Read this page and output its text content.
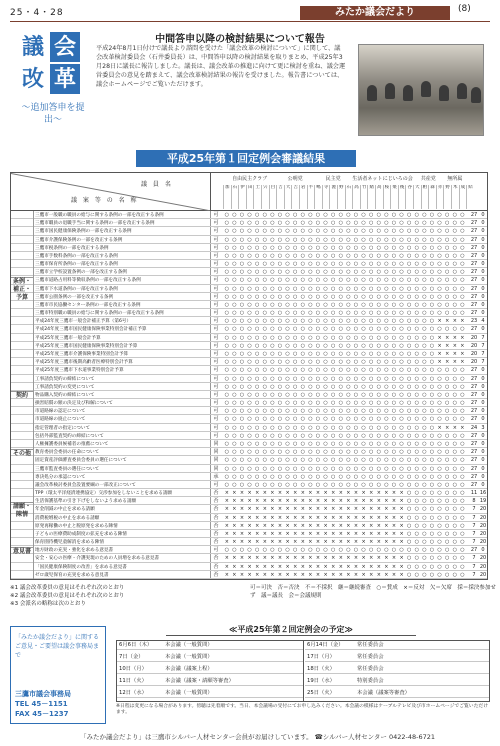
25・4・28	みたか議会だより	(8)
議 会
改 革
～追加答申を提出～
中間答申以降の検討結果について報告
平成24年8月1日付けで議長より諮問を受けた「議会改革の検討について」に関して、議会改革検討委員会（石井委員長）は、中間答申以降の検討結果を取りまとめ、平成25年3月28日に議長に報告しました。議長は、議会改革の推進に向けて更に検討を重ね、議会運営委員会の意見を踏まえて、議会改革検討結果の報告を受けました。報告書については、議会ホームページでご覧いただけます。
平成25年第１回定例会審議結果
議 案 等 の 名 称
議 員 名
自由民主クラブ	公明党	民主党	生活者ネット にじいろの会	共産党	無所属
加 石 伊 田 土 宍 白 吉 大 吉 岩 半 嶋 寺 渥 野 石 高 竹 緒 高 桜 栗 後 谷 大 粕 森 赤 野 木 成 結
三鷹市一般職の職員の給与に関する条例の一部を改正する条例	可	○ ○ ○ ○ ○ ○ ○ ○ ○ ○ ○ ○ ○ ○ ○ ○ ○ ○ ○ ○ ○ ○ ○ ○ ○ ○ ○ ○ ○ ○ ○ ○	27 0
三鷹市職員の退職手当に関する条例の一部を改正する条例	可	○ ○ ○ ○ ○ ○ ○ ○ ○ ○ ○ ○ ○ ○ ○ ○ ○ ○ ○ ○ ○ ○ ○ ○ ○ ○ ○ ○ ○ ○ ○ ○	27 0
三鷹市国民健康保険条例の一部を改正する条例	可	○ ○ ○ ○ ○ ○ ○ ○ ○ ○ ○ ○ ○ ○ ○ ○ ○ ○ ○ ○ ○ ○ ○ ○ ○ ○ ○ ○ ○ ○ ○ ○	27 0
三鷹市介護保険条例の一部を改正する条例	可	○ ○ ○ ○ ○ ○ ○ ○ ○ ○ ○ ○ ○ ○ ○ ○ ○ ○ ○ ○ ○ ○ ○ ○ ○ ○ ○ ○ ○ ○ ○ ○	27 0
三鷹市税条例の一部を改正する条例	可	○ ○ ○ ○ ○ ○ ○ ○ ○ ○ ○ ○ ○ ○ ○ ○ ○ ○ ○ ○ ○ ○ ○ ○ ○ ○ ○ ○ ○ ○ ○ ○	27 0
三鷹市手数料条例の一部を改正する条例	可	○ ○ ○ ○ ○ ○ ○ ○ ○ ○ ○ ○ ○ ○ ○ ○ ○ ○ ○ ○ ○ ○ ○ ○ ○ ○ ○ ○ ○ ○ ○ ○	27 0
三鷹市保育所条例の一部を改正する条例	可	○ ○ ○ ○ ○ ○ ○ ○ ○ ○ ○ ○ ○ ○ ○ ○ ○ ○ ○ ○ ○ ○ ○ ○ ○ ○ ○ ○ ○ ○ ○ ○	27 0
三鷹市立学校設置条例の一部を改正する条例	可	○ ○ ○ ○ ○ ○ ○ ○ ○ ○ ○ ○ ○ ○ ○ ○ ○ ○ ○ ○ ○ ○ ○ ○ ○ ○ ○ ○ ○ ○ ○ ○	27 0
三鷹市道路占用料等徴収条例の一部を改正する条例	可	○ ○ ○ ○ ○ ○ ○ ○ ○ ○ ○ ○ ○ ○ ○ ○ ○ ○ ○ ○ ○ ○ ○ ○ ○ ○ ○ ○ ○ ○ ○ ○	27 0
三鷹市下水道条例の一部を改正する条例	可	○ ○ ○ ○ ○ ○ ○ ○ ○ ○ ○ ○ ○ ○ ○ ○ ○ ○ ○ ○ ○ ○ ○ ○ ○ ○ ○ ○ ○ ○ ○ ○	27 0
三鷹市公園条例の一部を改正する条例	可	○ ○ ○ ○ ○ ○ ○ ○ ○ ○ ○ ○ ○ ○ ○ ○ ○ ○ ○ ○ ○ ○ ○ ○ ○ ○ ○ ○ ○ ○ ○ ○	27 0
三鷹市市民協働センター条例の一部を改正する条例	可	○ ○ ○ ○ ○ ○ ○ ○ ○ ○ ○ ○ ○ ○ ○ ○ ○ ○ ○ ○ ○ ○ ○ ○ ○ ○ ○ ○ ○ ○ ○ ○	27 0
三鷹市特別職の職員の給与に関する条例の一部を改正する条例	可	○ ○ ○ ○ ○ ○ ○ ○ ○ ○ ○ ○ ○ ○ ○ ○ ○ ○ ○ ○ ○ ○ ○ ○ ○ ○ ○ ○ ○ ○ ○ ○	27 0
平成24年度三鷹市一般会計補正予算（第6号）	可	○ ○ ○ ○ ○ ○ ○ ○ ○ ○ ○ ○ ○ ○ ○ ○ ○ ○ ○ ○ ○ ○ ○ ○ ○ ○ ○ ○ × × × ×	23 4
平成24年度三鷹市国民健康保険事業特別会計補正予算	可	○ ○ ○ ○ ○ ○ ○ ○ ○ ○ ○ ○ ○ ○ ○ ○ ○ ○ ○ ○ ○ ○ ○ ○ ○ ○ ○ ○ ○ ○ ○ ○	27 0
平成25年度三鷹市一般会計予算	可	○ ○ ○ ○ ○ ○ ○ ○ ○ ○ ○ ○ ○ ○ ○ ○ ○ ○ ○ ○ ○ ○ ○ ○ ○ ○ ○ ○ × × × ×	20 7
平成25年度三鷹市国民健康保険事業特別会計予算	可	○ ○ ○ ○ ○ ○ ○ ○ ○ ○ ○ ○ ○ ○ ○ ○ ○ ○ ○ ○ ○ ○ ○ ○ ○ ○ ○ ○ × × × ×	20 7
平成25年度三鷹市介護保険事業特別会計予算	可	○ ○ ○ ○ ○ ○ ○ ○ ○ ○ ○ ○ ○ ○ ○ ○ ○ ○ ○ ○ ○ ○ ○ ○ ○ ○ ○ ○ × × × ×	20 7
平成25年度三鷹市後期高齢者医療特別会計予算	可	○ ○ ○ ○ ○ ○ ○ ○ ○ ○ ○ ○ ○ ○ ○ ○ ○ ○ ○ ○ ○ ○ ○ ○ ○ ○ ○ ○ × × × ×	20 7
平成25年度三鷹市下水道事業特別会計予算	可	○ ○ ○ ○ ○ ○ ○ ○ ○ ○ ○ ○ ○ ○ ○ ○ ○ ○ ○ ○ ○ ○ ○ ○ ○ ○ ○ ○ ○ ○ ○ ○	27 0
工事請負契約の締結について	可	○ ○ ○ ○ ○ ○ ○ ○ ○ ○ ○ ○ ○ ○ ○ ○ ○ ○ ○ ○ ○ ○ ○ ○ ○ ○ ○ ○ ○ ○ ○ ○	27 0
工事請負契約の変更について	可	○ ○ ○ ○ ○ ○ ○ ○ ○ ○ ○ ○ ○ ○ ○ ○ ○ ○ ○ ○ ○ ○ ○ ○ ○ ○ ○ ○ ○ ○ ○ ○	27 0
物品購入契約の締結について	可	○ ○ ○ ○ ○ ○ ○ ○ ○ ○ ○ ○ ○ ○ ○ ○ ○ ○ ○ ○ ○ ○ ○ ○ ○ ○ ○ ○ ○ ○ ○ ○	27 0
損害賠償の額の決定及び和解について	可	○ ○ ○ ○ ○ ○ ○ ○ ○ ○ ○ ○ ○ ○ ○ ○ ○ ○ ○ ○ ○ ○ ○ ○ ○ ○ ○ ○ ○ ○ ○ ○	27 0
市道路線の認定について	可	○ ○ ○ ○ ○ ○ ○ ○ ○ ○ ○ ○ ○ ○ ○ ○ ○ ○ ○ ○ ○ ○ ○ ○ ○ ○ ○ ○ ○ ○ ○ ○	27 0
市道路線の廃止について	可	○ ○ ○ ○ ○ ○ ○ ○ ○ ○ ○ ○ ○ ○ ○ ○ ○ ○ ○ ○ ○ ○ ○ ○ ○ ○ ○ ○ ○ ○ ○ ○	27 0
指定管理者の指定について	可	○ ○ ○ ○ ○ ○ ○ ○ ○ ○ ○ ○ ○ ○ ○ ○ ○ ○ ○ ○ ○ ○ ○ ○ ○ ○ ○ ○ × × × ×	24 3
包括外部監査契約の締結について	可	○ ○ ○ ○ ○ ○ ○ ○ ○ ○ ○ ○ ○ ○ ○ ○ ○ ○ ○ ○ ○ ○ ○ ○ ○ ○ ○ ○ ○ ○ ○ ○	27 0
人権擁護委員候補者の推薦について	同	○ ○ ○ ○ ○ ○ ○ ○ ○ ○ ○ ○ ○ ○ ○ ○ ○ ○ ○ ○ ○ ○ ○ ○ ○ ○ ○ ○ ○ ○ ○ ○	27 0
教育委員会委員の任命について	同	○ ○ ○ ○ ○ ○ ○ ○ ○ ○ ○ ○ ○ ○ ○ ○ ○ ○ ○ ○ ○ ○ ○ ○ ○ ○ ○ ○ ○ ○ ○ ○	27 0
固定資産評価審査委員会委員の選任について	同	○ ○ ○ ○ ○ ○ ○ ○ ○ ○ ○ ○ ○ ○ ○ ○ ○ ○ ○ ○ ○ ○ ○ ○ ○ ○ ○ ○ ○ ○ ○ ○	27 0
三鷹市監査委員の選任について	同	○ ○ ○ ○ ○ ○ ○ ○ ○ ○ ○ ○ ○ ○ ○ ○ ○ ○ ○ ○ ○ ○ ○ ○ ○ ○ ○ ○ ○ ○ ○ ○	27 0
専決処分の承認について	承	○ ○ ○ ○ ○ ○ ○ ○ ○ ○ ○ ○ ○ ○ ○ ○ ○ ○ ○ ○ ○ ○ ○ ○ ○ ○ ○ ○ ○ ○ ○ ○	27 0
議会改革検討委員会設置要綱の一部改正について	可	○ ○ ○ ○ ○ ○ ○ ○ ○ ○ ○ ○ ○ ○ ○ ○ ○ ○ ○ ○ ○ ○ ○ ○ ○ ○ ○ ○ ○ ○ ○ ○	27 0
TPP（環太平洋経済連携協定）交渉参加をしないことを求める請願	否	× × × × × × × × × × × × × × × × × × × × × × × × ○ ○ ○ ○ ○ ○ ○ ○	11 16
生活保護基準の引き下げをしないよう求める請願	否	× × × × × × × × × × × × × × × × × × × × × × × × ○ ○ ○ ○ ○ ○ ○ ○	8 19
年金削減の中止を求める請願	否	× × × × × × × × × × × × × × × × × × × × × × × × ○ ○ ○ ○ ○ ○ ○ ○	7 20
消費税増税の中止を求める請願	否	× × × × × × × × × × × × × × × × × × × × × × × × ○ ○ ○ ○ ○ ○ ○ ○	7 20
原発再稼働の中止と脱原発を求める陳情	否	× × × × × × × × × × × × × × × × × × × × × × × × ○ ○ ○ ○ ○ ○ ○ ○	7 20
子どもの医療費助成制度の拡充を求める陳情	否	× × × × × × × × × × × × × × × × × × × × × × × × ○ ○ ○ ○ ○ ○ ○ ○	7 20
保育園待機児童解消を求める陳情	否	× × × × × × × × × × × × × × × × × × × × × × × × ○ ○ ○ ○ ○ ○ ○ ○	7 20
地方財政の充実・強化を求める意見書	可	○ ○ ○ ○ ○ ○ ○ ○ ○ ○ ○ ○ ○ ○ ○ ○ ○ ○ ○ ○ ○ ○ ○ ○ ○ ○ ○ ○ ○ ○ ○ ○	27 0
安全・安心の医療・介護実現のための人員増を求める意見書	否	× × × × × × × × × × × × × × × × × × × × × × × × ○ ○ ○ ○ ○ ○ ○ ○	7 20
「国民健康保険制度の改善」を求める意見書	否	× × × × × × × × × × × × × × × × × × × × × × × × ○ ○ ○ ○ ○ ○ ○ ○	7 20
ゼロ歳児保育の充実を求める意見書	否	× × × × × × × × × × × × × × × × × × × × × × × × ○ ○ ○ ○ ○ ○ ○ ○	7 20
条例・補正・予算
契約
その他
請願・陳情
意見書
※1 議会改革委員の意見はそれぞれ次のとおり
※2 議会改革委員の意見はそれぞれ次のとおり
※3 会派名の略称は次のとおり
可＝可決　否＝否決　不＝不採択　継＝継続審査　○＝賛成　×＝反対　欠＝欠席　採＝採決参加せず　議＝議長　会＝会議規則
「みたか議会だより」に関するご意見・ご要望は議会事務局まで
三鷹市議会事務局
TEL 45－1151
FAX 45－1237
≪平成25年第２回定例会の予定≫
6月6日（木）	本会議（一般質問）
7日（金）	本会議（一般質問）
10日（月）	本会議（議案上程）
11日（火）	本会議（議案・請願等審査）
12日（水）	本会議（一般質問）
6月14日（金）	常任委員会
17日（月）	常任委員会
18日（火）	常任委員会
19日（水）	特別委員会
25日（火）	本会議（議案等審査）
※日程は変更になる場合があります。傍聴は先着順です。当日、本会議場の受付にてお申し込みください。本会議の模様はケーブルテレビ及び市ホームページでご覧いただけます。
「みたか議会だより」は三鷹市シルバー人材センター会員がお届けしています。 ☎シルバー人材センター 0422-48-6721
